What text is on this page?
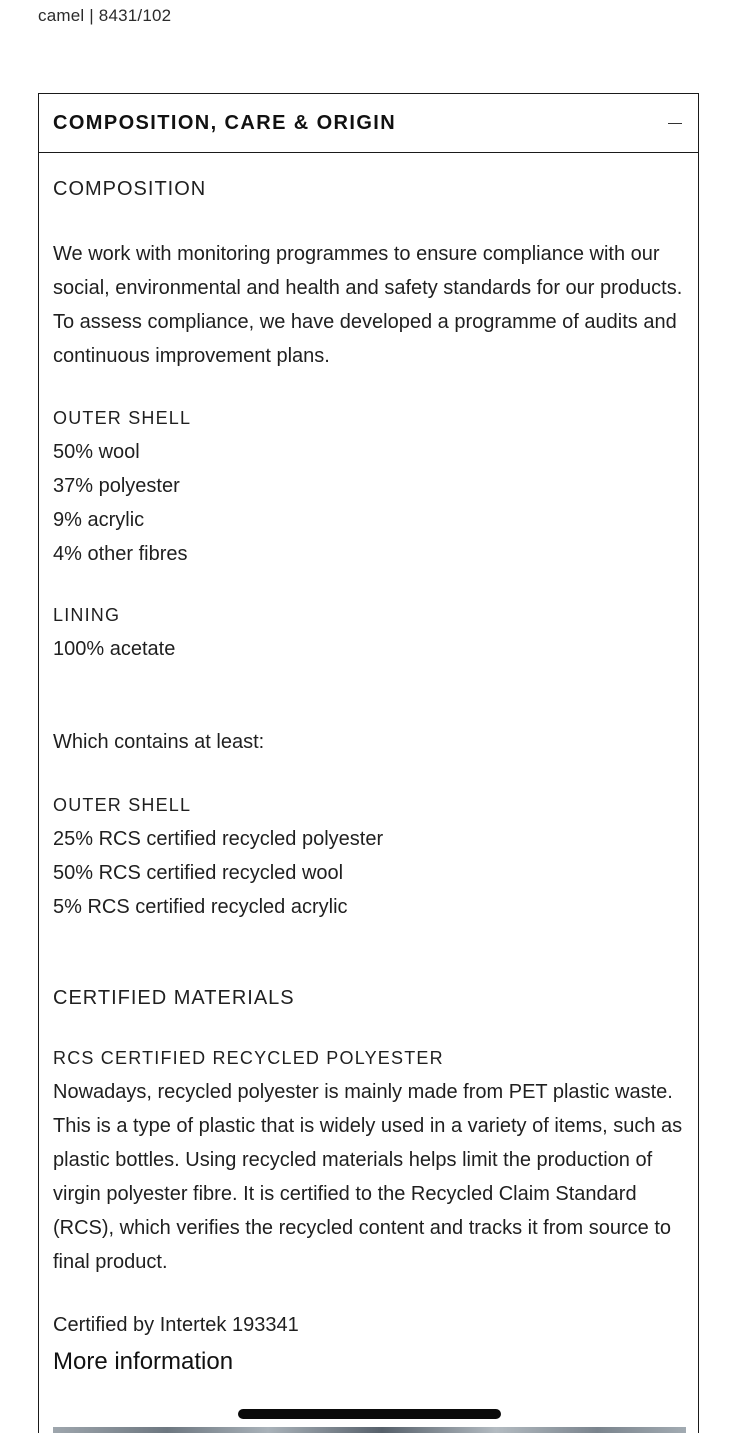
camel | 8431/102
COMPOSITION, CARE & ORIGIN
COMPOSITION
We work with monitoring programmes to ensure compliance with our social, environmental and health and safety standards for our products. To assess compliance, we have developed a programme of audits and continuous improvement plans.
OUTER SHELL
50% wool
37% polyester
9% acrylic
4% other fibres
LINING
100% acetate
Which contains at least:
OUTER SHELL
25% RCS certified recycled polyester
50% RCS certified recycled wool
5% RCS certified recycled acrylic
CERTIFIED MATERIALS
RCS CERTIFIED RECYCLED POLYESTER
Nowadays, recycled polyester is mainly made from PET plastic waste. This is a type of plastic that is widely used in a variety of items, such as plastic bottles. Using recycled materials helps limit the production of virgin polyester fibre. It is certified to the Recycled Claim Standard (RCS), which verifies the recycled content and tracks it from source to final product.
Certified by Intertek 193341
More information
